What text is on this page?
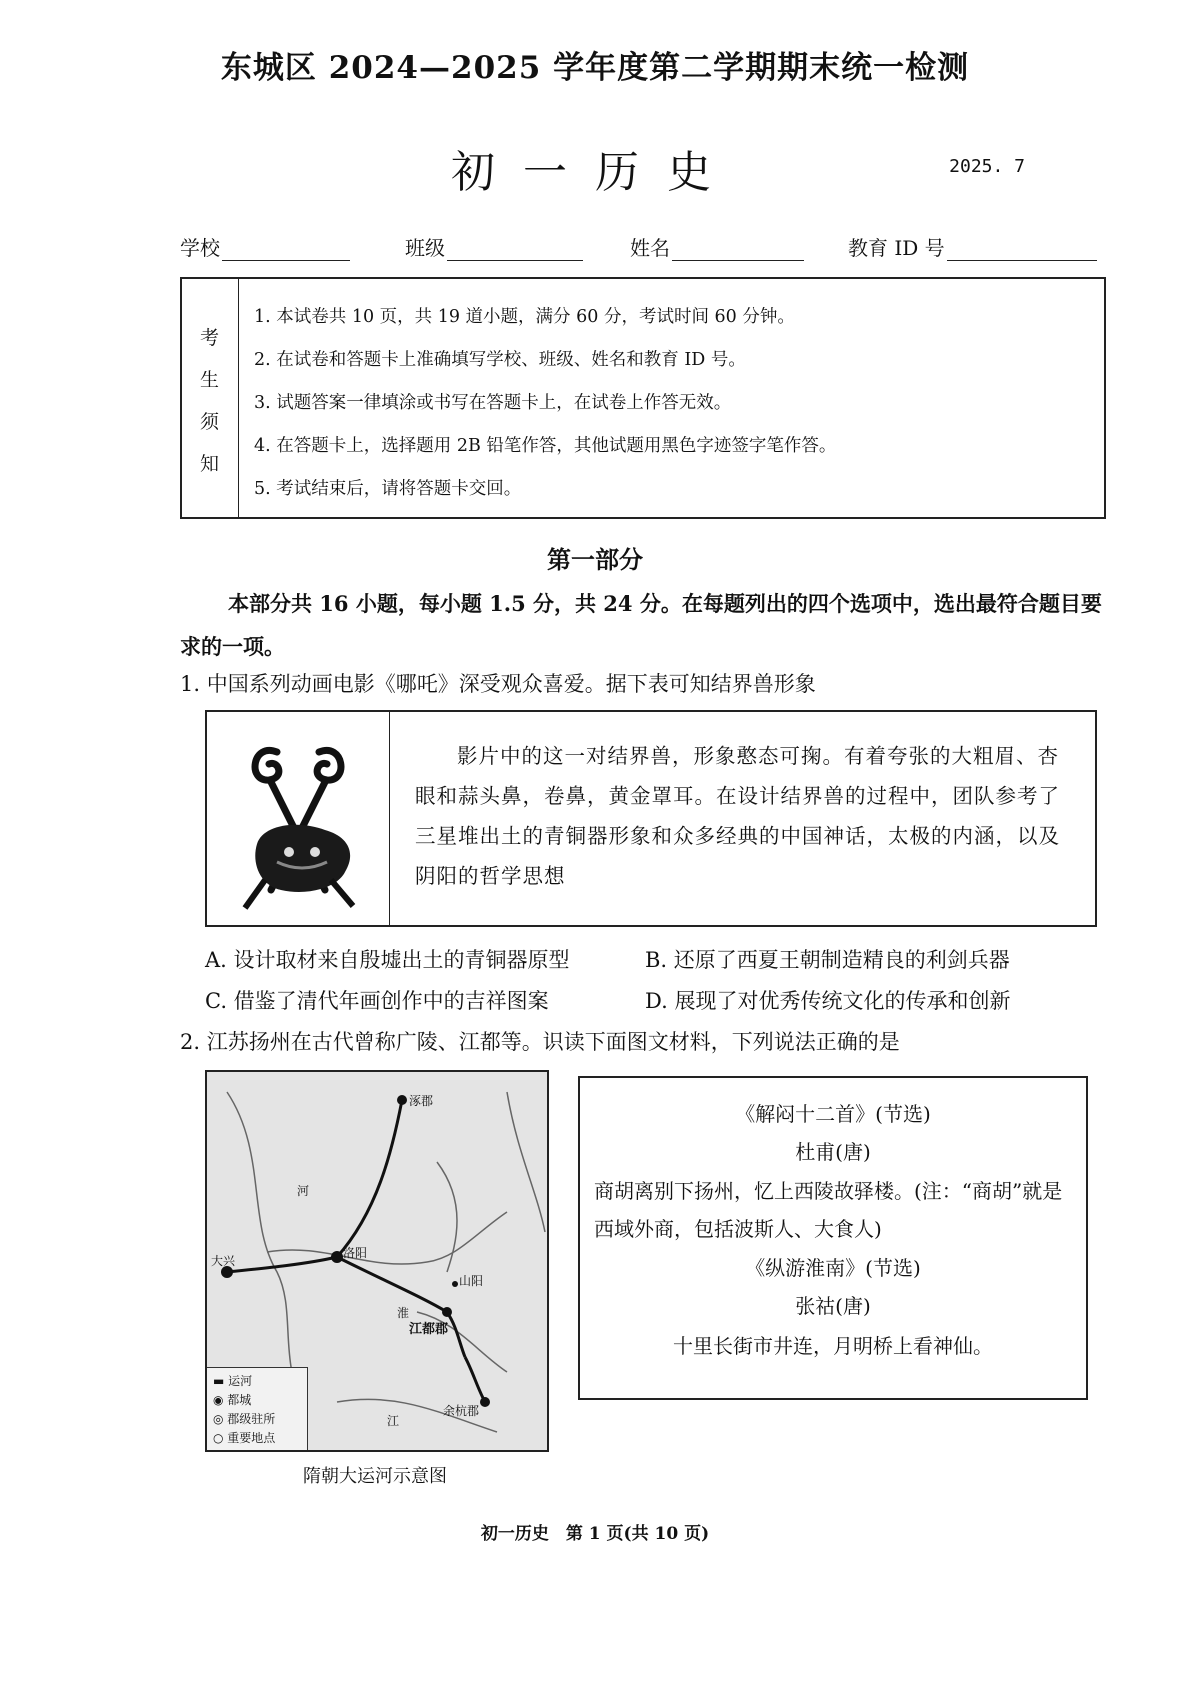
东城区 2024—2025 学年度第二学期期末统一检测
初一历史	2025. 7
学校	班级	姓名	教育 ID 号
考
生
须
知
1. 本试卷共 10 页，共 19 道小题，满分 60 分，考试时间 60 分钟。
2. 在试卷和答题卡上准确填写学校、班级、姓名和教育 ID 号。
3. 试题答案一律填涂或书写在答题卡上，在试卷上作答无效。
4. 在答题卡上，选择题用 2B 铅笔作答，其他试题用黑色字迹签字笔作答。
5. 考试结束后，请将答题卡交回。
第一部分
本部分共 16 小题，每小题 1.5 分，共 24 分。在每题列出的四个选项中，选出最符合题目要求的一项。
1. 中国系列动画电影《哪吒》深受观众喜爱。据下表可知结界兽形象
影片中的这一对结界兽，形象憨态可掬。有着夸张的大粗眉、杏眼和蒜头鼻，卷鼻，黄金罩耳。在设计结界兽的过程中，团队参考了三星堆出土的青铜器形象和众多经典的中国神话，太极的内涵，以及阴阳的哲学思想
A. 设计取材来自殷墟出土的青铜器原型	B. 还原了西夏王朝制造精良的利剑兵器
C. 借鉴了清代年画创作中的吉祥图案	D. 展现了对优秀传统文化的传承和创新
2. 江苏扬州在古代曾称广陵、江都等。识读下面图文材料，下列说法正确的是
涿郡
大兴
洛阳
江都郡
余杭郡
山阳
河
淮
江
▬ 运河
◉ 都城
◎ 郡级驻所
○ 重要地点
隋朝大运河示意图
《解闷十二首》(节选)
杜甫(唐)
商胡离别下扬州，忆上西陵故驿楼。(注：“商胡”就是西域外商，包括波斯人、大食人)
《纵游淮南》(节选)
张祜(唐)
十里长街市井连，月明桥上看神仙。
初一历史　第 1 页(共 10 页)
